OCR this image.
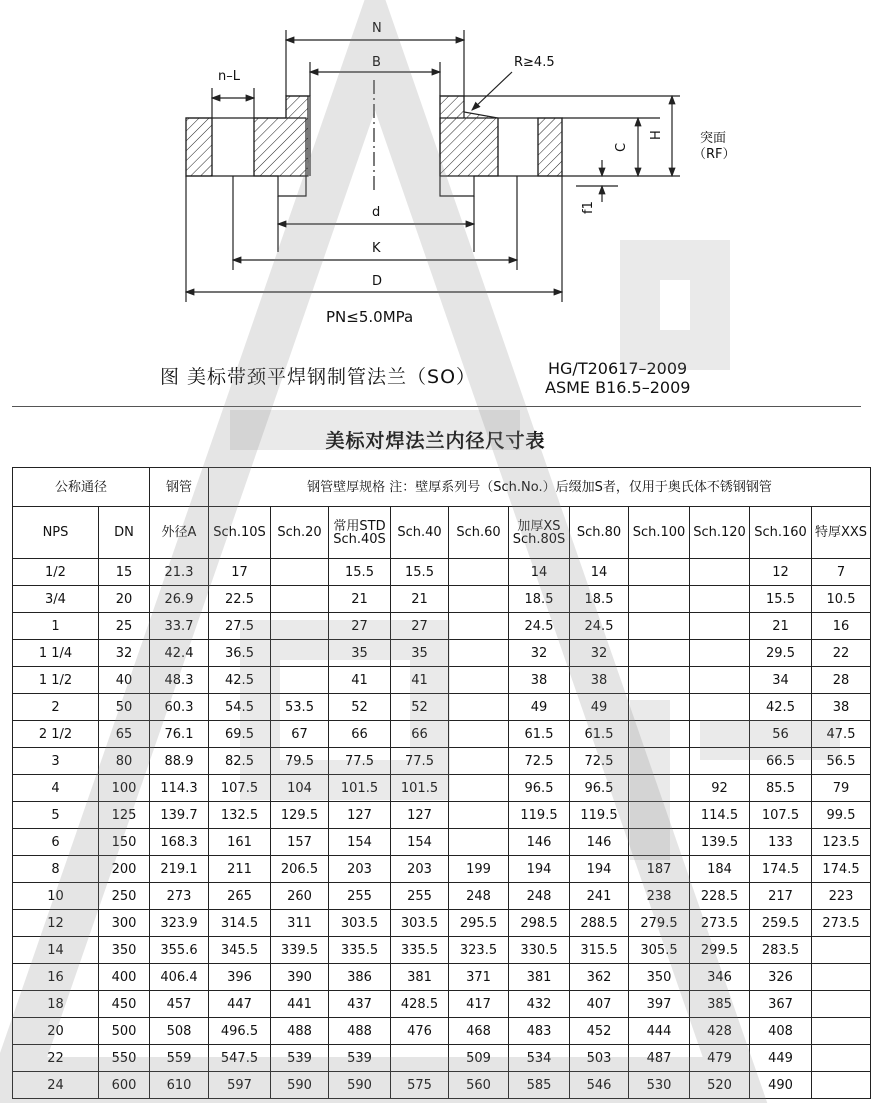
N
B	R≥4.5
n–L
C
H	突面
（RF）
f1
d
K
D
PN≤5.0MPa
图 美标带颈平焊钢制管法兰（SO）	HG/T20617–2009
ASME B16.5–2009
美标对焊法兰内径尺寸表
公称通径		钢管	钢管壁厚规格 注：壁厚系列号（Sch.No.）后缀加S者，仅用于奥氏体不锈钢钢管										
NPS	DN	外径A	Sch.10S	Sch.20	常用STD Sch.40S	Sch.40	Sch.60	加厚XS Sch.80S	Sch.80	Sch.100	Sch.120	Sch.160	特厚XXS
1/2	15	21.3	17		15.5	15.5		14	14			12	7
3/4	20	26.9	22.5		21	21		18.5	18.5			15.5	10.5
1	25	33.7	27.5		27	27		24.5	24.5			21	16
1 1/4	32	42.4	36.5		35	35		32	32			29.5	22
1 1/2	40	48.3	42.5		41	41		38	38			34	28
2	50	60.3	54.5	53.5	52	52		49	49			42.5	38
2 1/2	65	76.1	69.5	67	66	66		61.5	61.5			56	47.5
3	80	88.9	82.5	79.5	77.5	77.5		72.5	72.5			66.5	56.5
4	100	114.3	107.5	104	101.5	101.5		96.5	96.5		92	85.5	79
5	125	139.7	132.5	129.5	127	127		119.5	119.5		114.5	107.5	99.5
6	150	168.3	161	157	154	154		146	146		139.5	133	123.5
8	200	219.1	211	206.5	203	203	199	194	194	187	184	174.5	174.5
10	250	273	265	260	255	255	248	248	241	238	228.5	217	223
12	300	323.9	314.5	311	303.5	303.5	295.5	298.5	288.5	279.5	273.5	259.5	273.5
14	350	355.6	345.5	339.5	335.5	335.5	323.5	330.5	315.5	305.5	299.5	283.5	
16	400	406.4	396	390	386	381	371	381	362	350	346	326	
18	450	457	447	441	437	428.5	417	432	407	397	385	367	
20	500	508	496.5	488	488	476	468	483	452	444	428	408	
22	550	559	547.5	539	539		509	534	503	487	479	449	
24	600	610	597	590	590	575	560	585	546	530	520	490	
